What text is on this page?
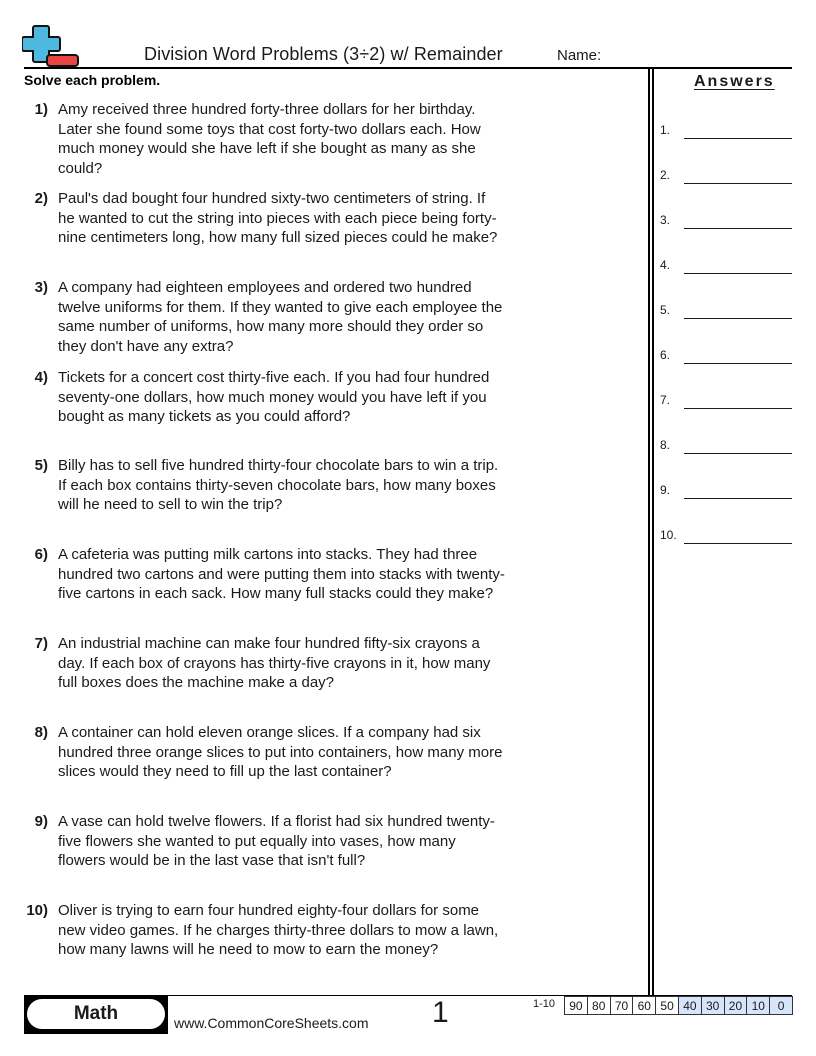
Division Word Problems (3÷2) w/ Remainder	Name:
Solve each problem.	Answers
1.
2.
3.
4.
5.
6.
7.
8.
9.
10.
1) Amy received three hundred forty-three dollars for her birthday. Later she found some toys that cost forty-two dollars each. How much money would she have left if she bought as many as she could?
2) Paul's dad bought four hundred sixty-two centimeters of string. If he wanted to cut the string into pieces with each piece being forty-nine centimeters long, how many full sized pieces could he make?
3) A company had eighteen employees and ordered two hundred twelve uniforms for them. If they wanted to give each employee the same number of uniforms, how many more should they order so they don't have any extra?
4) Tickets for a concert cost thirty-five each. If you had four hundred seventy-one dollars, how much money would you have left if you bought as many tickets as you could afford?
5) Billy has to sell five hundred thirty-four chocolate bars to win a trip. If each box contains thirty-seven chocolate bars, how many boxes will he need to sell to win the trip?
6) A cafeteria was putting milk cartons into stacks. They had three hundred two cartons and were putting them into stacks with twenty-five cartons in each sack. How many full stacks could they make?
7) An industrial machine can make four hundred fifty-six crayons a day. If each box of crayons has thirty-five crayons in it, how many full boxes does the machine make a day?
8) A container can hold eleven orange slices. If a company had six hundred three orange slices to put into containers, how many more slices would they need to fill up the last container?
9) A vase can hold twelve flowers. If a florist had six hundred twenty-five flowers she wanted to put equally into vases, how many flowers would be in the last vase that isn't full?
10) Oliver is trying to earn four hundred eighty-four dollars for some new video games. If he charges thirty-three dollars to mow a lawn, how many lawns will he need to mow to earn the money?
Math	www.CommonCoreSheets.com 1	1-10	90 80 70 60 50 40 30 20 10	0
